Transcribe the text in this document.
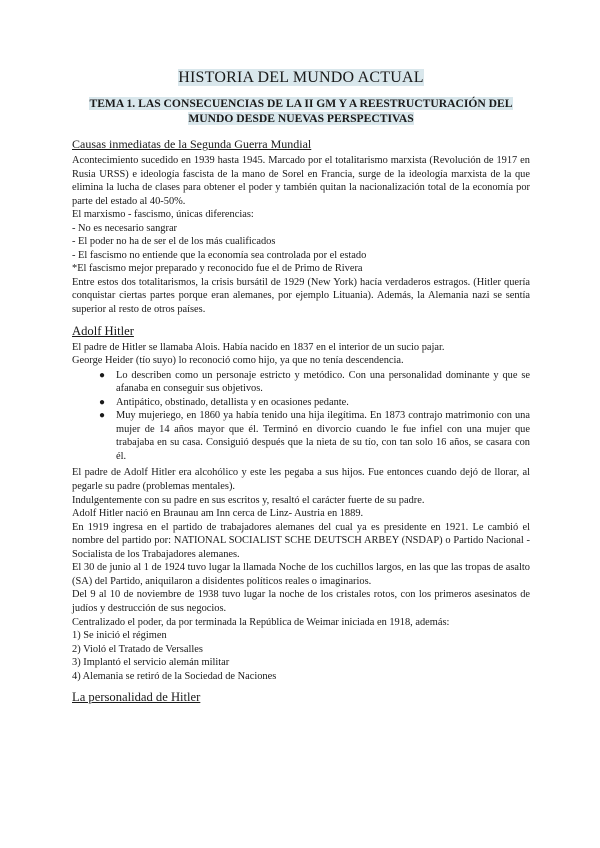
HISTORIA DEL MUNDO ACTUAL
TEMA 1. LAS CONSECUENCIAS DE LA II GM Y A REESTRUCTURACIÓN DEL
MUNDO DESDE NUEVAS PERSPECTIVAS
Causas inmediatas de la Segunda Guerra Mundial

Acontecimiento sucedido en 1939 hasta 1945. Marcado por el totalitarismo marxista (Revolución de 1917 en Rusia URSS) e ideología fascista de la mano de Sorel en Francia, surge de la ideología marxista de la que elimina la lucha de clases para obtener el poder y también quitan la nacionalización total de la economía por parte del estado al 40-50%.

El marxismo - fascismo, únicas diferencias:
- No es necesario sangrar
- El poder no ha de ser el de los más cualificados
- El fascismo no entiende que la economía sea controlada por el estado
*El fascismo mejor preparado y reconocido fue el de Primo de Rivera

Entre estos dos totalitarismos, la crisis bursátil de 1929 (New York) hacía verdaderos estragos. (Hitler quería conquistar ciertas partes porque eran alemanes, por ejemplo Lituania). Además, la Alemania nazi se sentía superior al resto de otros países.

Adolf Hitler
El padre de Hitler se llamaba Alois. Había nacido en 1837 en el interior de un sucio pajar.
George Heider (tío suyo) lo reconoció como hijo, ya que no tenía descendencia.
● Lo describen como un personaje estricto y metódico. Con una personalidad dominante y que se afanaba en conseguir sus objetivos.
● Antipático, obstinado, detallista y en ocasiones pedante.
● Muy mujeriego, en 1860 ya había tenido una hija ilegítima. En 1873 contrajo matrimonio con una mujer de 14 años mayor que él. Terminó en divorcio cuando le fue infiel con una mujer que trabajaba en su casa. Consiguió después que la nieta de su tío, con tan solo 16 años, se casara con él.

El padre de Adolf Hitler era alcohólico y este les pegaba a sus hijos. Fue entonces cuando dejó de llorar, al pegarle su padre (problemas mentales).

Indulgentemente con su padre en sus escritos y, resaltó el carácter fuerte de su padre.
Adolf Hitler nació en Braunau am Inn cerca de Linz- Austria en 1889.

En 1919 ingresa en el partido de trabajadores alemanes del cual ya es presidente en 1921. Le cambió el nombre del partido por: NATIONAL SOCIALIST SCHE DEUTSCH ARBEY (NSDAP) o Partido Nacional - Socialista de los Trabajadores alemanes.

El 30 de junio al 1 de 1924 tuvo lugar la llamada Noche de los cuchillos largos, en las que las tropas de asalto (SA) del Partido, aniquilaron a disidentes políticos reales o imaginarios.

Del 9 al 10 de noviembre de 1938 tuvo lugar la noche de los cristales rotos, con los primeros asesinatos de judíos y destrucción de sus negocios.

Centralizado el poder, da por terminada la República de Weimar iniciada en 1918, además:
1) Se inició el régimen
2) Violó el Tratado de Versalles
3) Implantó el servicio alemán militar
4) Alemania se retiró de la Sociedad de Naciones
La personalidad de Hitler
